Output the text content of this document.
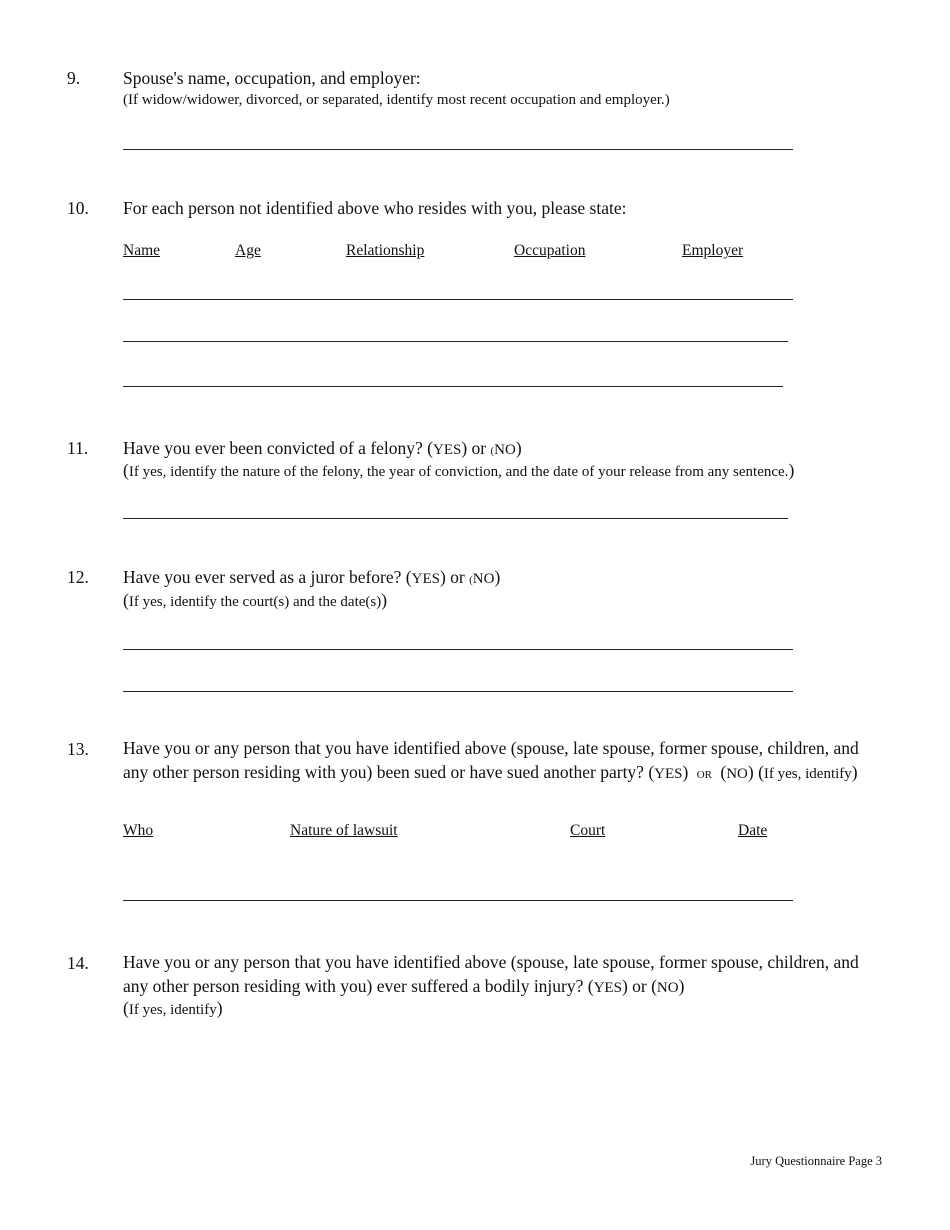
9. Spouse's name, occupation, and employer:
(If widow/widower, divorced, or separated, identify most recent occupation and employer.)
10. For each person not identified above who resides with you, please state:
Name	Age	Relationship	Occupation	Employer
11. Have you ever been convicted of a felony? (YES) or (NO)
(If yes, identify the nature of the felony, the year of conviction, and the date of your release from any sentence.)
12. Have you ever served as a juror before? (YES) or (NO)
(If yes, identify the court(s) and the date(s))
13. Have you or any person that you have identified above (spouse, late spouse, former spouse, children, and any other person residing with you) been sued or have sued another party? (YES) OR (NO) (If yes, identify)
Who	Nature of lawsuit	Court	Date
14. Have you or any person that you have identified above (spouse, late spouse, former spouse, children, and any other person residing with you) ever suffered a bodily injury? (YES) or (NO)
(If yes, identify)
Jury Questionnaire Page 3
